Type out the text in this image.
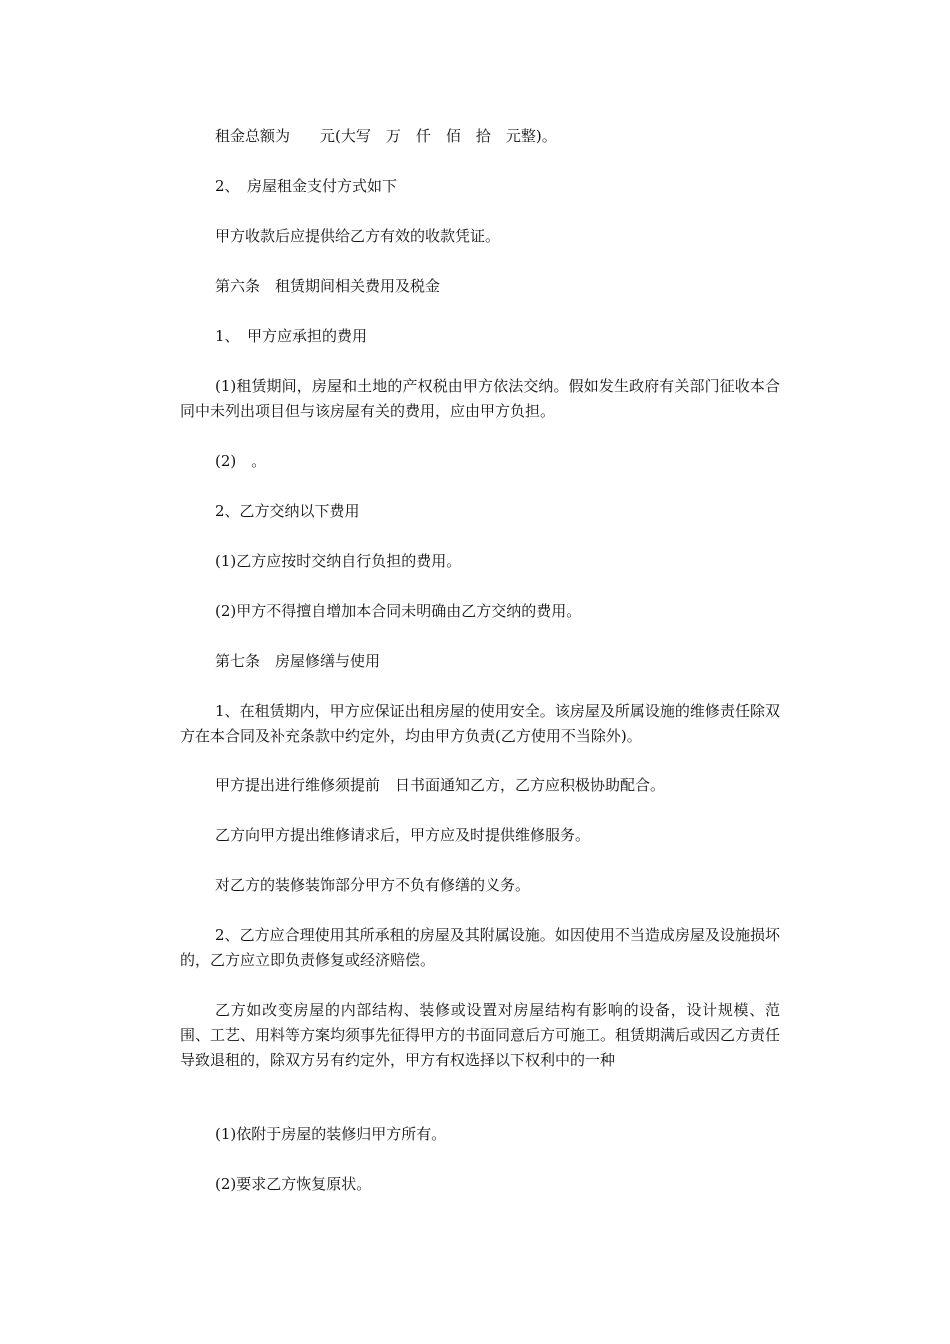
租金总额为　　元(大写　万　仟　佰　拾　元整)。

2、　房屋租金支付方式如下

甲方收款后应提供给乙方有效的收款凭证。

第六条　租赁期间相关费用及税金

1、　甲方应承担的费用

(1)租赁期间，房屋和土地的产权税由甲方依法交纳。假如发生政府有关部门征收本合同中未列出项目但与该房屋有关的费用，应由甲方负担。

(2)　。

2、乙方交纳以下费用

(1)乙方应按时交纳自行负担的费用。

(2)甲方不得擅自增加本合同未明确由乙方交纳的费用。

第七条　房屋修缮与使用

1、在租赁期内，甲方应保证出租房屋的使用安全。该房屋及所属设施的维修责任除双方在本合同及补充条款中约定外，均由甲方负责(乙方使用不当除外)。

甲方提出进行维修须提前　日书面通知乙方，乙方应积极协助配合。

乙方向甲方提出维修请求后，甲方应及时提供维修服务。

对乙方的装修装饰部分甲方不负有修缮的义务。

2、乙方应合理使用其所承租的房屋及其附属设施。如因使用不当造成房屋及设施损坏的，乙方应立即负责修复或经济赔偿。

乙方如改变房屋的内部结构、装修或设置对房屋结构有影响的设备，设计规模、范围、工艺、用料等方案均须事先征得甲方的书面同意后方可施工。租赁期满后或因乙方责任导致退租的，除双方另有约定外，甲方有权选择以下权利中的一种

(1)依附于房屋的装修归甲方所有。

(2)要求乙方恢复原状。
